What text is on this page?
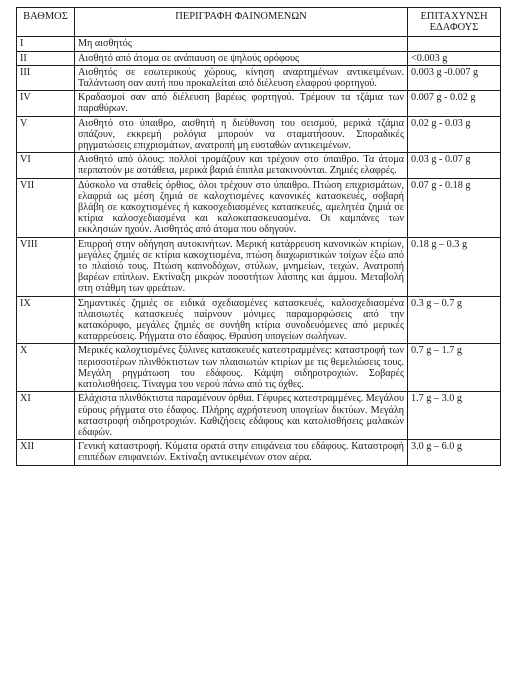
ΒΑΘΜΟΣ	ΠΕΡΙΓΡΑΦΗ ΦΑΙΝΟΜΕΝΩΝ	ΕΠΙΤΑΧΥΝΣΗ ΕΔΑΦΟΥΣ
I	Μη αισθητός	
II	Αισθητό από άτομα σε ανάπαυση σε ψηλούς ορόφους	<0.003 g
III	Αισθητός σε εσωτερικούς χώρους, κίνηση αναρτημένων αντικειμένων. Ταλάντωση σαν αυτή που προκαλείται από διέλευση ελαφρού φορτηγού.	0.003 g -0.007 g
IV	Κραδασμοί σαν από διέλευση βαρέως φορτηγού. Τρέμουν τα τζάμια των παραθύρων.	0.007 g - 0.02 g
V	Αισθητό στο ύπαιθρο, αισθητή η διεύθυνση του σεισμού, μερικά τζάμια σπάζουν, εκκρεμή ρολόγια μπορούν να σταματήσουν. Σποραδικές ρηγματώσεις επιχρισμάτων, ανατροπή μη ευσταθών αντικειμένων.	0.02 g - 0.03 g
VI	Αισθητό από όλους: πολλοί τρομάζουν και τρέχουν στο ύπαιθρο. Τα άτομα περπατούν με αστάθεια, μερικά βαριά έπιπλα μετακινούνται. Ζημιές ελαφρές.	0.03 g - 0.07 g
VII	Δύσκολο να σταθείς όρθιος, όλοι τρέχουν στο ύπαιθρο. Πτώση επιχρισμάτων, ελαφριά ως μέση ζημιά σε καλοχτισμένες κανονικές κατασκευές, σοβαρή βλάβη σε κακοχτισμένες ή κακοσχεδιασμένες κατασκευές, αμελητέα ζημιά σε κτίρια καλοσχεδιασμένα και καλοκατασκευασμένα. Οι καμπάνες των εκκλησιών ηχούν. Αισθητός από άτομα που οδηγούν.	0.07 g - 0.18 g
VIII	Επιρροή στην οδήγηση αυτοκινήτων. Μερική κατάρρευση κανονικών κτιρίων, μεγάλες ζημιές σε κτίρια κακοχτισμένα, πτώση διαχωριστικών τοίχων έξω από το πλαίσιό τους. Πτώση καπνοδόχων, στύλων, μνημείων, τειχών. Ανατροπή βαρέων επίπλων. Εκτίναξη μικρών ποσοτήτων λάσπης και άμμου. Μεταβολή στη στάθμη των φρεάτων.	0.18 g – 0.3 g
IX	Σημαντικές ζημιές σε ειδικά σχεδιασμένες κατασκευές, καλοσχεδιασμένα πλαισιωτές κατασκευές παίρνουν μόνιμες παραμορφώσεις από την κατακόρυφο, μεγάλες ζημιές σε συνήθη κτίρια συνοδευόμενες από μερικές καταρρεύσεις. Ρήγματα στο έδαφος. Θραύση υπογείων σωλήνων.	0.3 g – 0.7 g
X	Μερικές καλοχτισμένες ξύλινες κατασκευές κατεστραμμένες: καταστροφή των περισσοτέρων πλινθόκτιστων των πλαισιωτών κτιρίων με τις θεμελιώσεις τους. Μεγάλη ρηγμάτωση του εδάφους. Κάμψη σιδηροτροχιών. Σοβαρές κατολισθήσεις. Τίναγμα του νερού πάνω από τις όχθες.	0.7 g – 1.7 g
XI	Ελάχιστα πλινθόκτιστα παραμένουν όρθια. Γέφυρες κατεστραμμένες. Μεγάλου εύρους ρήγματα στο έδαφος. Πλήρης αχρήστευση υπογείων δικτύων. Μεγάλη καταστροφή σιδηροτροχιών. Καθιζήσεις εδάφους και κατολισθήσεις μαλακών εδαφών.	1.7 g – 3.0 g
XII	Γενική καταστροφή. Κύματα ορατά στην επιφάνεια του εδάφους. Καταστροφή επιπέδων επιφανειών. Εκτίναξη αντικειμένων στον αέρα.	3.0 g – 6.0 g
